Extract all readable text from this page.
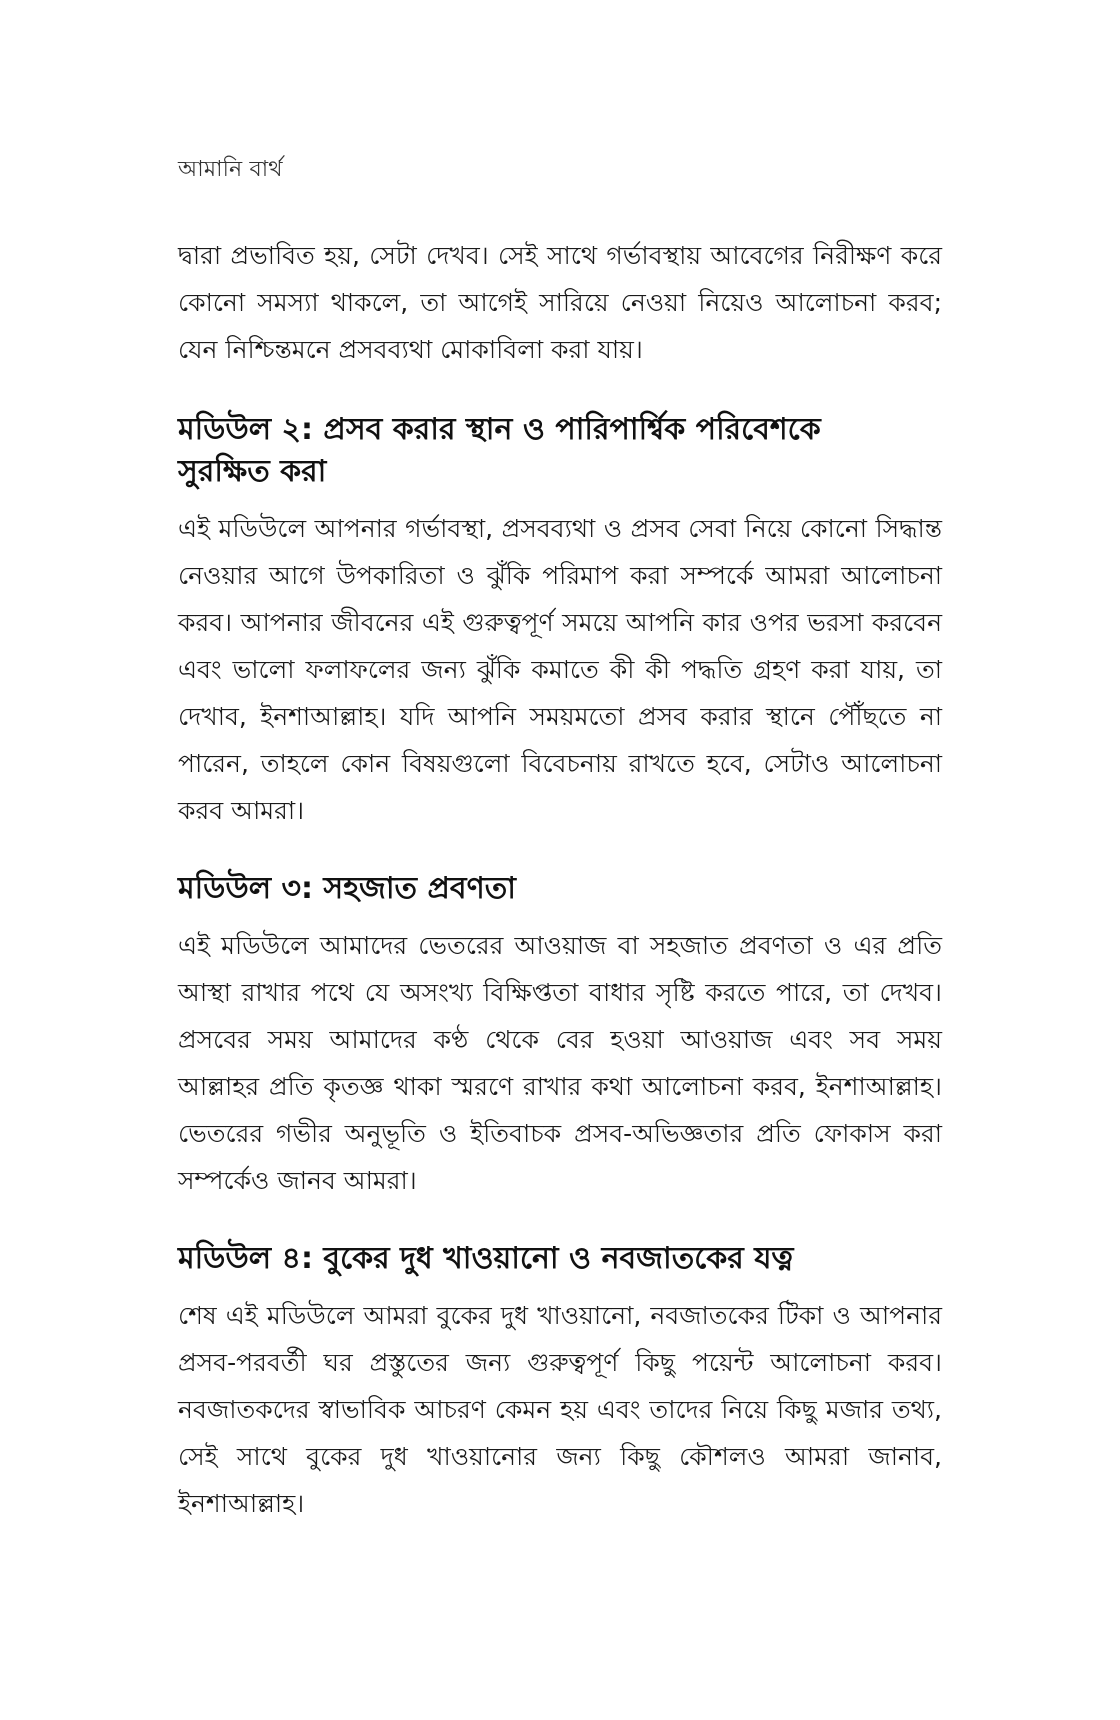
আমানি বার্থ

দ্বারা প্রভাবিত হয়, সেটা দেখব। সেই সাথে গর্ভাবস্থায় আবেগের নিরীক্ষণ করে কোনো সমস্যা থাকলে, তা আগেই সারিয়ে নেওয়া নিয়েও আলোচনা করব; যেন নিশ্চিন্তমনে প্রসবব্যথা মোকাবিলা করা যায়।

মডিউল ২: প্রসব করার স্থান ও পারিপার্শ্বিক পরিবেশকে সুরক্ষিত করা

এই মডিউলে আপনার গর্ভাবস্থা, প্রসবব্যথা ও প্রসব সেবা নিয়ে কোনো সিদ্ধান্ত নেওয়ার আগে উপকারিতা ও ঝুঁকি পরিমাপ করা সম্পর্কে আমরা আলোচনা করব। আপনার জীবনের এই গুরুত্বপূর্ণ সময়ে আপনি কার ওপর ভরসা করবেন এবং ভালো ফলাফলের জন্য ঝুঁকি কমাতে কী কী পদ্ধতি গ্রহণ করা যায়, তা দেখাব, ইনশাআল্লাহ। যদি আপনি সময়মতো প্রসব করার স্থানে পৌঁছতে না পারেন, তাহলে কোন বিষয়গুলো বিবেচনায় রাখতে হবে, সেটাও আলোচনা করব আমরা।

মডিউল ৩: সহজাত প্রবণতা

এই মডিউলে আমাদের ভেতরের আওয়াজ বা সহজাত প্রবণতা ও এর প্রতি আস্থা রাখার পথে যে অসংখ্য বিক্ষিপ্ততা বাধার সৃষ্টি করতে পারে, তা দেখব। প্রসবের সময় আমাদের কণ্ঠ থেকে বের হওয়া আওয়াজ এবং সব সময় আল্লাহর প্রতি কৃতজ্ঞ থাকা স্মরণে রাখার কথা আলোচনা করব, ইনশাআল্লাহ। ভেতরের গভীর অনুভূতি ও ইতিবাচক প্রসব-অভিজ্ঞতার প্রতি ফোকাস করা সম্পর্কেও জানব আমরা।

মডিউল ৪: বুকের দুধ খাওয়ানো ও নবজাতকের যত্ন

শেষ এই মডিউলে আমরা বুকের দুধ খাওয়ানো, নবজাতকের টিকা ও আপনার প্রসব-পরবর্তী ঘর প্রস্তুতের জন্য গুরুত্বপূর্ণ কিছু পয়েন্ট আলোচনা করব। নবজাতকদের স্বাভাবিক আচরণ কেমন হয় এবং তাদের নিয়ে কিছু মজার তথ্য, সেই সাথে বুকের দুধ খাওয়ানোর জন্য কিছু কৌশলও আমরা জানাব, ইনশাআল্লাহ।
